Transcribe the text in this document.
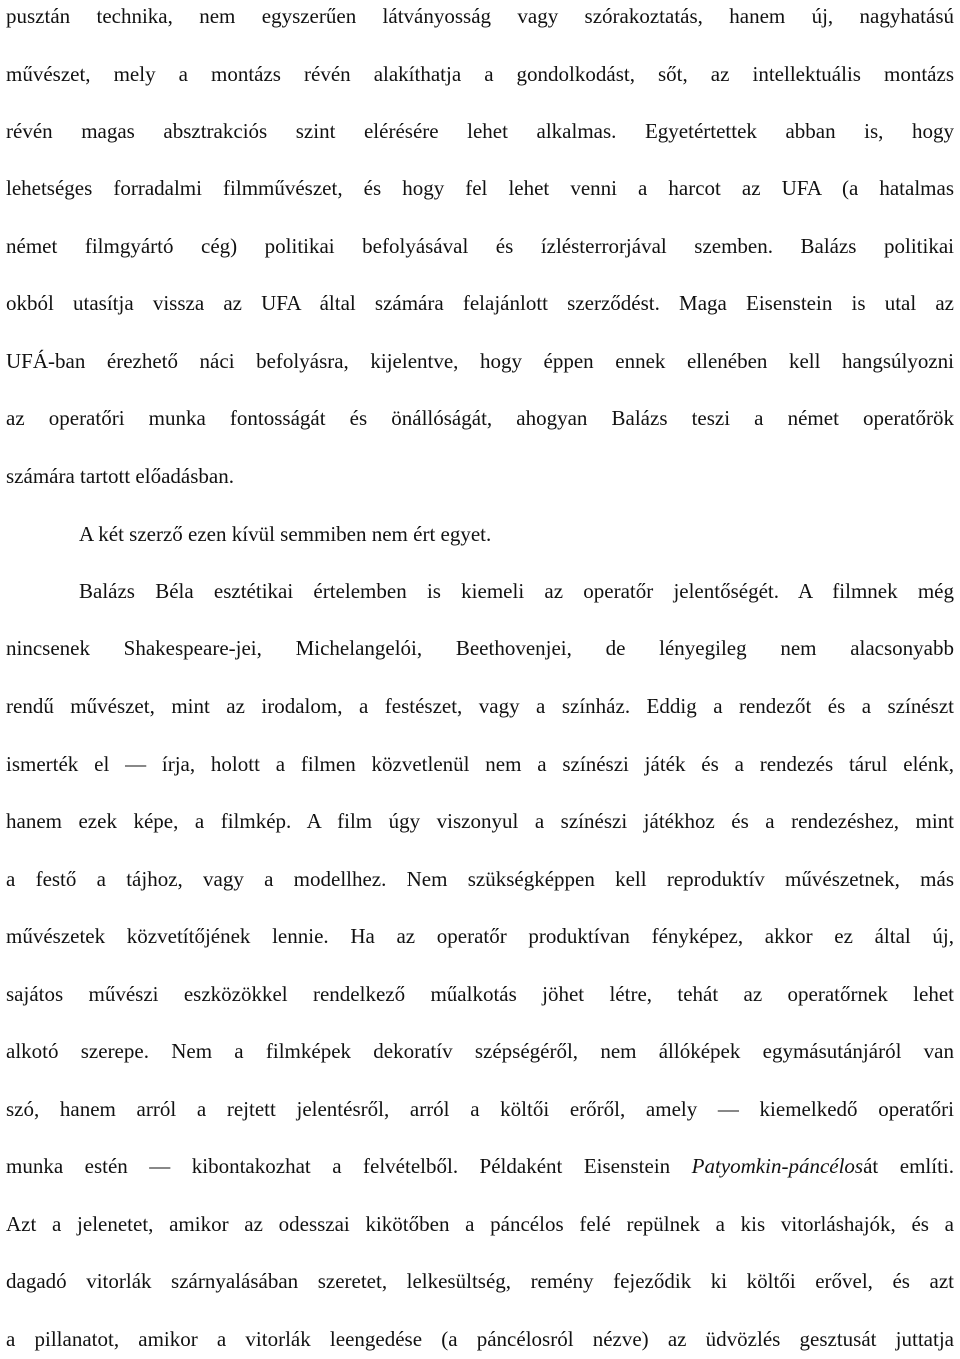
pusztán technika, nem egyszerűen látványosság vagy szórakoztatás, hanem új, nagyhatású
művészet, mely a montázs révén alakíthatja a gondolkodást, sőt, az intellektuális montázs
révén magas absztrakciós szint elérésére lehet alkalmas. Egyetértettek abban is, hogy
lehetséges forradalmi filmművészet, és hogy fel lehet venni a harcot az UFA (a hatalmas
német filmgyártó cég) politikai befolyásával és ízlésterrorjával szemben. Balázs politikai
okból utasítja vissza az UFA által számára felajánlott szerződést. Maga Eisenstein is utal az
UFÁ-ban érezhető náci befolyásra, kijelentve, hogy éppen ennek ellenében kell hangsúlyozni
az operatőri munka fontosságát és önállóságát, ahogyan Balázs teszi a német operatőrök
számára tartott előadásban.
A két szerző ezen kívül semmiben nem ért egyet.
Balázs Béla esztétikai értelemben is kiemeli az operatőr jelentőségét. A filmnek még
nincsenek Shakespeare-jei, Michelangelói, Beethovenjei, de lényegileg nem alacsonyabb
rendű művészet, mint az irodalom, a festészet, vagy a színház. Eddig a rendezőt és a színészt
ismerték el — írja, holott a filmen közvetlenül nem a színészi játék és a rendezés tárul elénk,
hanem ezek képe, a filmkép. A film úgy viszonyul a színészi játékhoz és a rendezéshez, mint
a festő a tájhoz, vagy a modellhez. Nem szükségképpen kell reproduktív művészetnek, más
művészetek közvetítőjének lennie. Ha az operatőr produktívan fényképez, akkor ez által új,
sajátos művészi eszközökkel rendelkező műalkotás jöhet létre, tehát az operatőrnek lehet
alkotó szerepe. Nem a filmképek dekoratív szépségéről, nem állóképek egymásutánjáról van
szó, hanem arról a rejtett jelentésről, arról a költői erőről, amely — kiemelkedő operatőri
munka estén — kibontakozhat a felvételből. Példaként Eisenstein Patyomkin-páncélosát említi.
Azt a jelenetet, amikor az odesszai kikötőben a páncélos felé repülnek a kis vitorláshajók, és a
dagadó vitorlák szárnyalásában szeretet, lelkesültség, remény fejeződik ki költői erővel, és azt
a pillanatot, amikor a vitorlák leengedése (a páncélosról nézve) az üdvözlés gesztusát juttatja
